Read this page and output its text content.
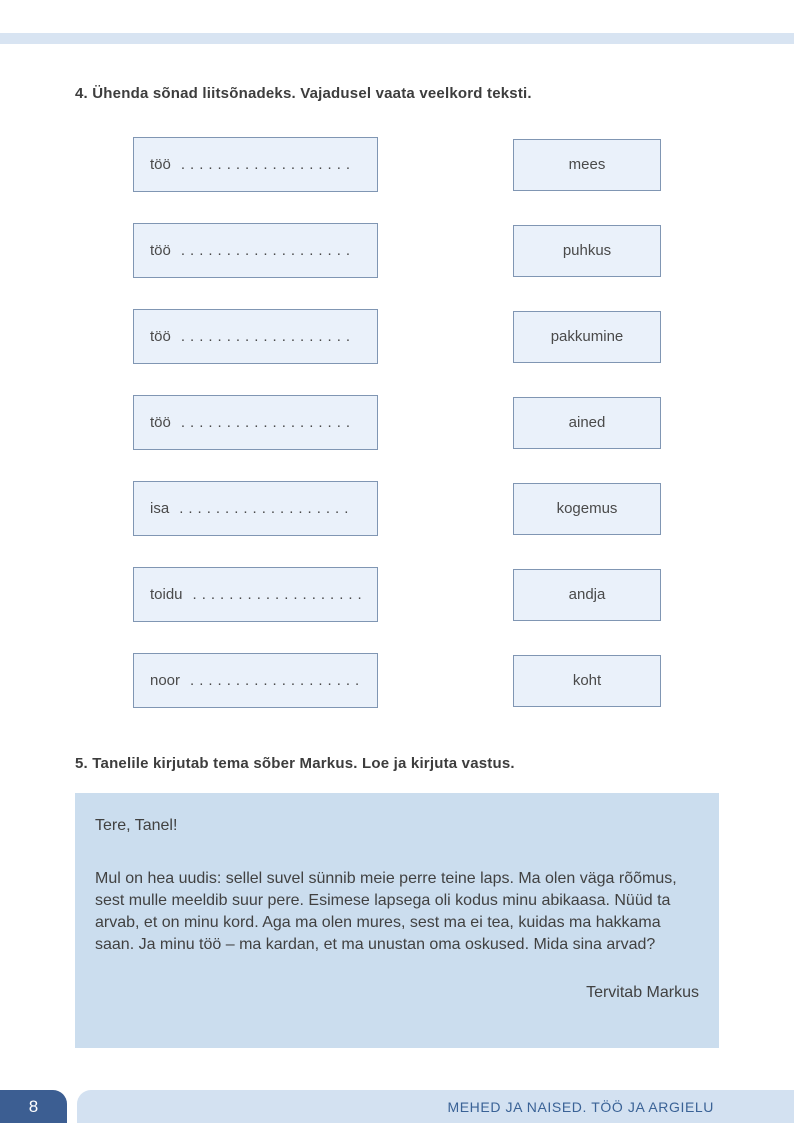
4. Ühenda sõnad liitsõnadeks. Vajadusel vaata veelkord teksti.
töö ...................	mees
töö ...................	puhkus
töö ...................	pakkumine
töö ...................	ained
isa ...................	kogemus
toidu ...................	andja
noor ...................	koht
5. Tanelile kirjutab tema sõber Markus. Loe ja kirjuta vastus.

Tere, Tanel!

Mul on hea uudis: sellel suvel sünnib meie perre teine laps. Ma olen väga rõõmus, sest mulle meeldib suur pere. Esimese lapsega oli kodus minu abikaasa. Nüüd ta arvab, et on minu kord. Aga ma olen mures, sest ma ei tea, kuidas ma hakkama saan. Ja minu töö – ma kardan, et ma unustan oma oskused. Mida sina arvad?

Tervitab Markus

8	MEHED JA NAISED. TÖÖ JA ARGIELU
